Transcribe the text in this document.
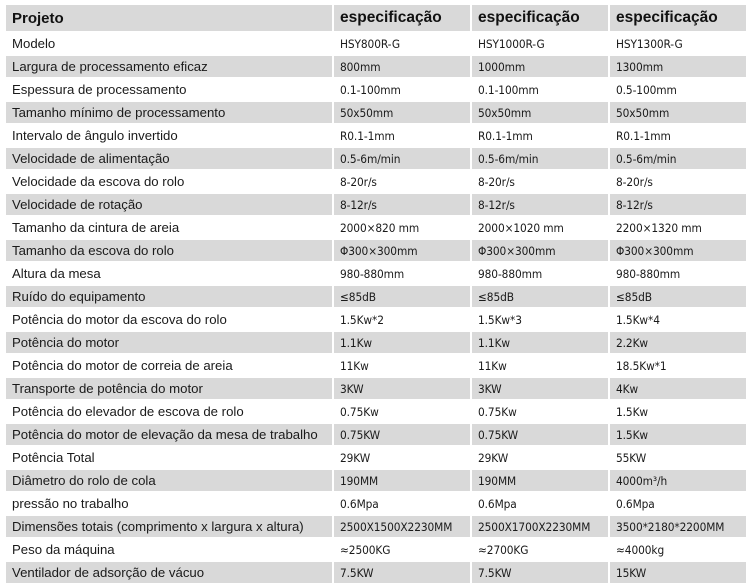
Projeto	especificação	especificação	especificação
Modelo	HSY800R-G	HSY1000R-G	HSY1300R-G
Largura de processamento eficaz	800mm	1000mm	1300mm
Espessura de processamento	0.1-100mm	0.1-100mm	0.5-100mm
Tamanho mínimo de processamento	50x50mm	50x50mm	50x50mm
Intervalo de ângulo invertido	R0.1-1mm	R0.1-1mm	R0.1-1mm
Velocidade de alimentação	0.5-6m/min	0.5-6m/min	0.5-6m/min
Velocidade da escova do rolo	8-20r/s	8-20r/s	8-20r/s
Velocidade de rotação	8-12r/s	8-12r/s	8-12r/s
Tamanho da cintura de areia	2000×820 mm	2000×1020 mm	2200×1320 mm
Tamanho da escova do rolo	Φ300×300mm	Φ300×300mm	Φ300×300mm
Altura da mesa	980-880mm	980-880mm	980-880mm
Ruído do equipamento	≤85dB	≤85dB	≤85dB
Potência do motor da escova do rolo	1.5Kw*2	1.5Kw*3	1.5Kw*4
Potência do motor	1.1Kw	1.1Kw	2.2Kw
Potência do motor de correia de areia	11Kw	11Kw	18.5Kw*1
Transporte de potência do motor	3KW	3KW	4Kw
Potência do elevador de escova de rolo	0.75Kw	0.75Kw	1.5Kw
Potência do motor de elevação da mesa de trabalho	0.75KW	0.75KW	1.5Kw
Potência Total	29KW	29KW	55KW
Diâmetro do rolo de cola	190MM	190MM	4000m³/h
pressão no trabalho	0.6Mpa	0.6Mpa	0.6Mpa
Dimensões totais (comprimento x largura x altura)	2500X1500X2230MM	2500X1700X2230MM	3500*2180*2200MM
Peso da máquina	≈2500KG	≈2700KG	≈4000kg
Ventilador de adsorção de vácuo	7.5KW	7.5KW	15KW
